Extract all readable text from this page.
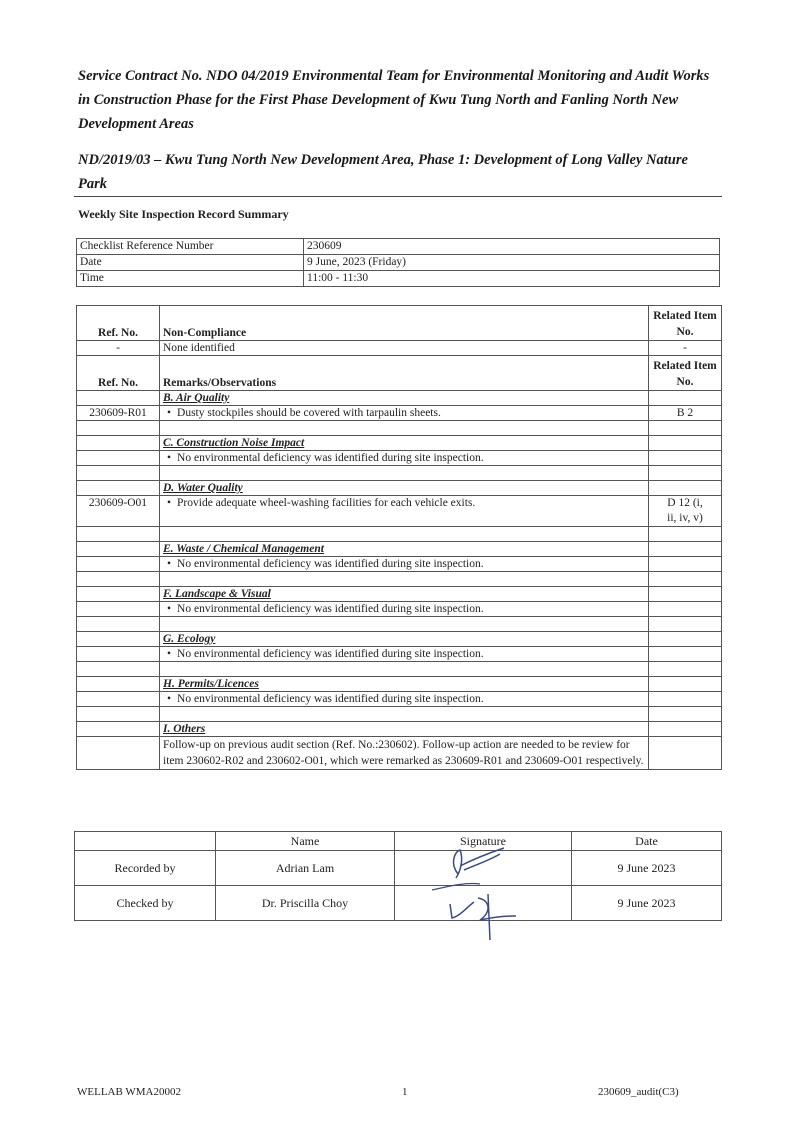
Service Contract No. NDO 04/2019 Environmental Team for Environmental Monitoring and Audit Works in Construction Phase for the First Phase Development of Kwu Tung North and Fanling North New Development Areas
ND/2019/03 – Kwu Tung North New Development Area, Phase 1: Development of Long Valley Nature Park
Weekly Site Inspection Record Summary
Checklist Reference Number	230609
Date	9 June, 2023 (Friday)
Time	11:00 - 11:30
Ref. No.	Non-Compliance	Related Item No.
-	None identified	-
Ref. No.	Remarks/Observations	Related Item No.
	B. Air Quality	
230609-R01	• Dusty stockpiles should be covered with tarpaulin sheets.	B 2

	C. Construction Noise Impact	
	• No environmental deficiency was identified during site inspection.	

	D. Water Quality	
230609-O01	• Provide adequate wheel-washing facilities for each vehicle exits.	D 12 (i,
ii, iv, v)

	E. Waste / Chemical Management	
	• No environmental deficiency was identified during site inspection.	

	F. Landscape & Visual	
	• No environmental deficiency was identified during site inspection.	

	G. Ecology	
	• No environmental deficiency was identified during site inspection.	

	H. Permits/Licences	
	• No environmental deficiency was identified during site inspection.	

	I. Others	
	Follow-up on previous audit section (Ref. No.:230602). Follow-up action are needed to be review for item 230602-R02 and 230602-O01, which were remarked as 230609-R01 and 230609-O01 respectively.	
	Name	Signature	Date
Recorded by	Adrian Lam		9 June 2023
Checked by	Dr. Priscilla Choy		9 June 2023
WELLAB WMA20002	1	230609_audit(C3)
